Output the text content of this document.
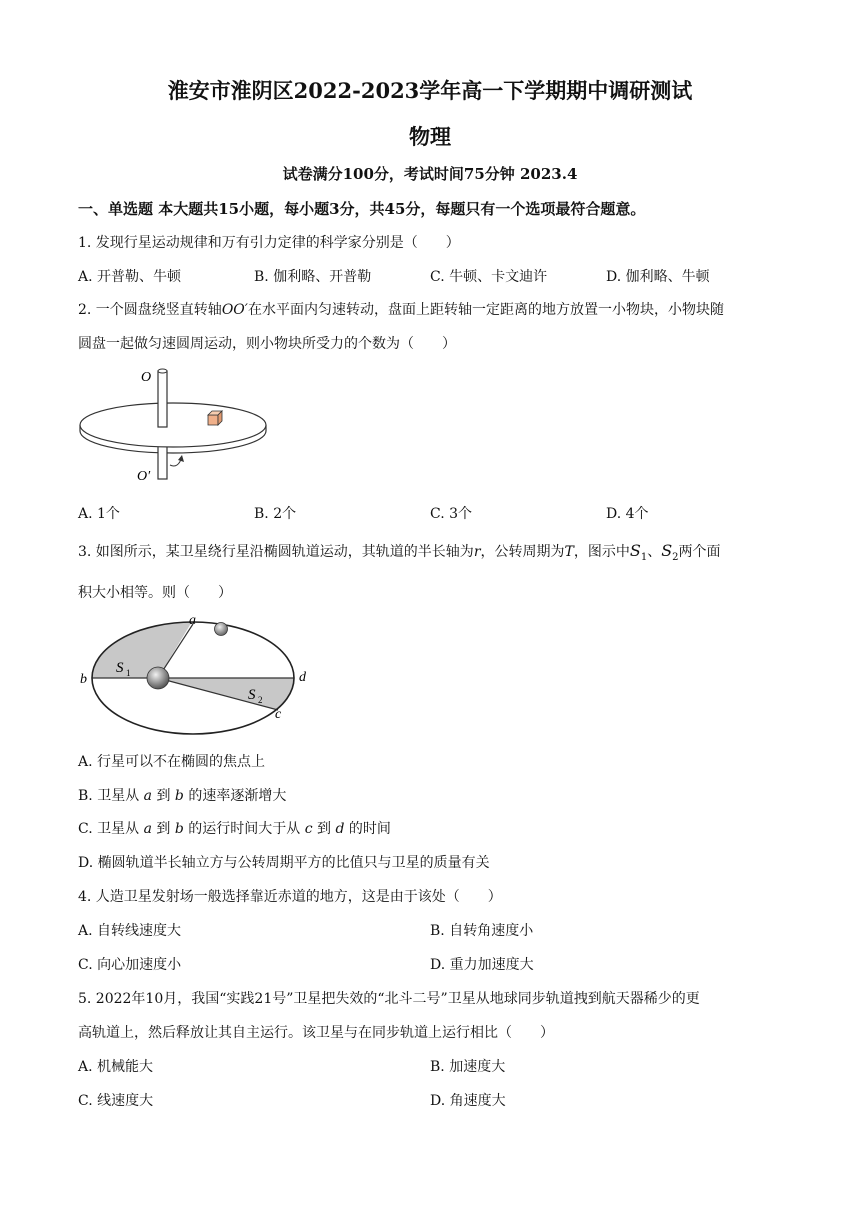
淮安市淮阴区2022-2023学年高一下学期期中调研测试
物理
试卷满分100分，考试时间75分钟 2023.4
一、单选题 本大题共15小题，每小题3分，共45分，每题只有一个选项最符合题意。
1. 发现行星运动规律和万有引力定律的科学家分别是（　　）
A. 开普勒、牛顿	B. 伽利略、开普勒	C. 牛顿、卡文迪许	D. 伽利略、牛顿
2. 一个圆盘绕竖直转轴OO′在水平面内匀速转动，盘面上距转轴一定距离的地方放置一小物块，小物块随
圆盘一起做匀速圆周运动，则小物块所受力的个数为（　　）
O
O′
A. 1个	B. 2个	C. 3个	D. 4个
3. 如图所示，某卫星绕行星沿椭圆轨道运动，其轨道的半长轴为r，公转周期为T，图示中$S_1$、$S_2$两个面
积大小相等。则（　　）
a
b
c
d
S 1
S 2
A. 行星可以不在椭圆的焦点上
B. 卫星从 a 到 b 的速率逐渐增大
C. 卫星从 a 到 b 的运行时间大于从 c 到 d 的时间
D. 椭圆轨道半长轴立方与公转周期平方的比值只与卫星的质量有关
4. 人造卫星发射场一般选择靠近赤道的地方，这是由于该处（　　）
A. 自转线速度大	B. 自转角速度小
C. 向心加速度小	D. 重力加速度大
5. 2022年10月，我国“实践21号”卫星把失效的“北斗二号”卫星从地球同步轨道拽到航天器稀少的更
高轨道上，然后释放让其自主运行。该卫星与在同步轨道上运行相比（　　）
A. 机械能大	B. 加速度大
C. 线速度大	D. 角速度大
